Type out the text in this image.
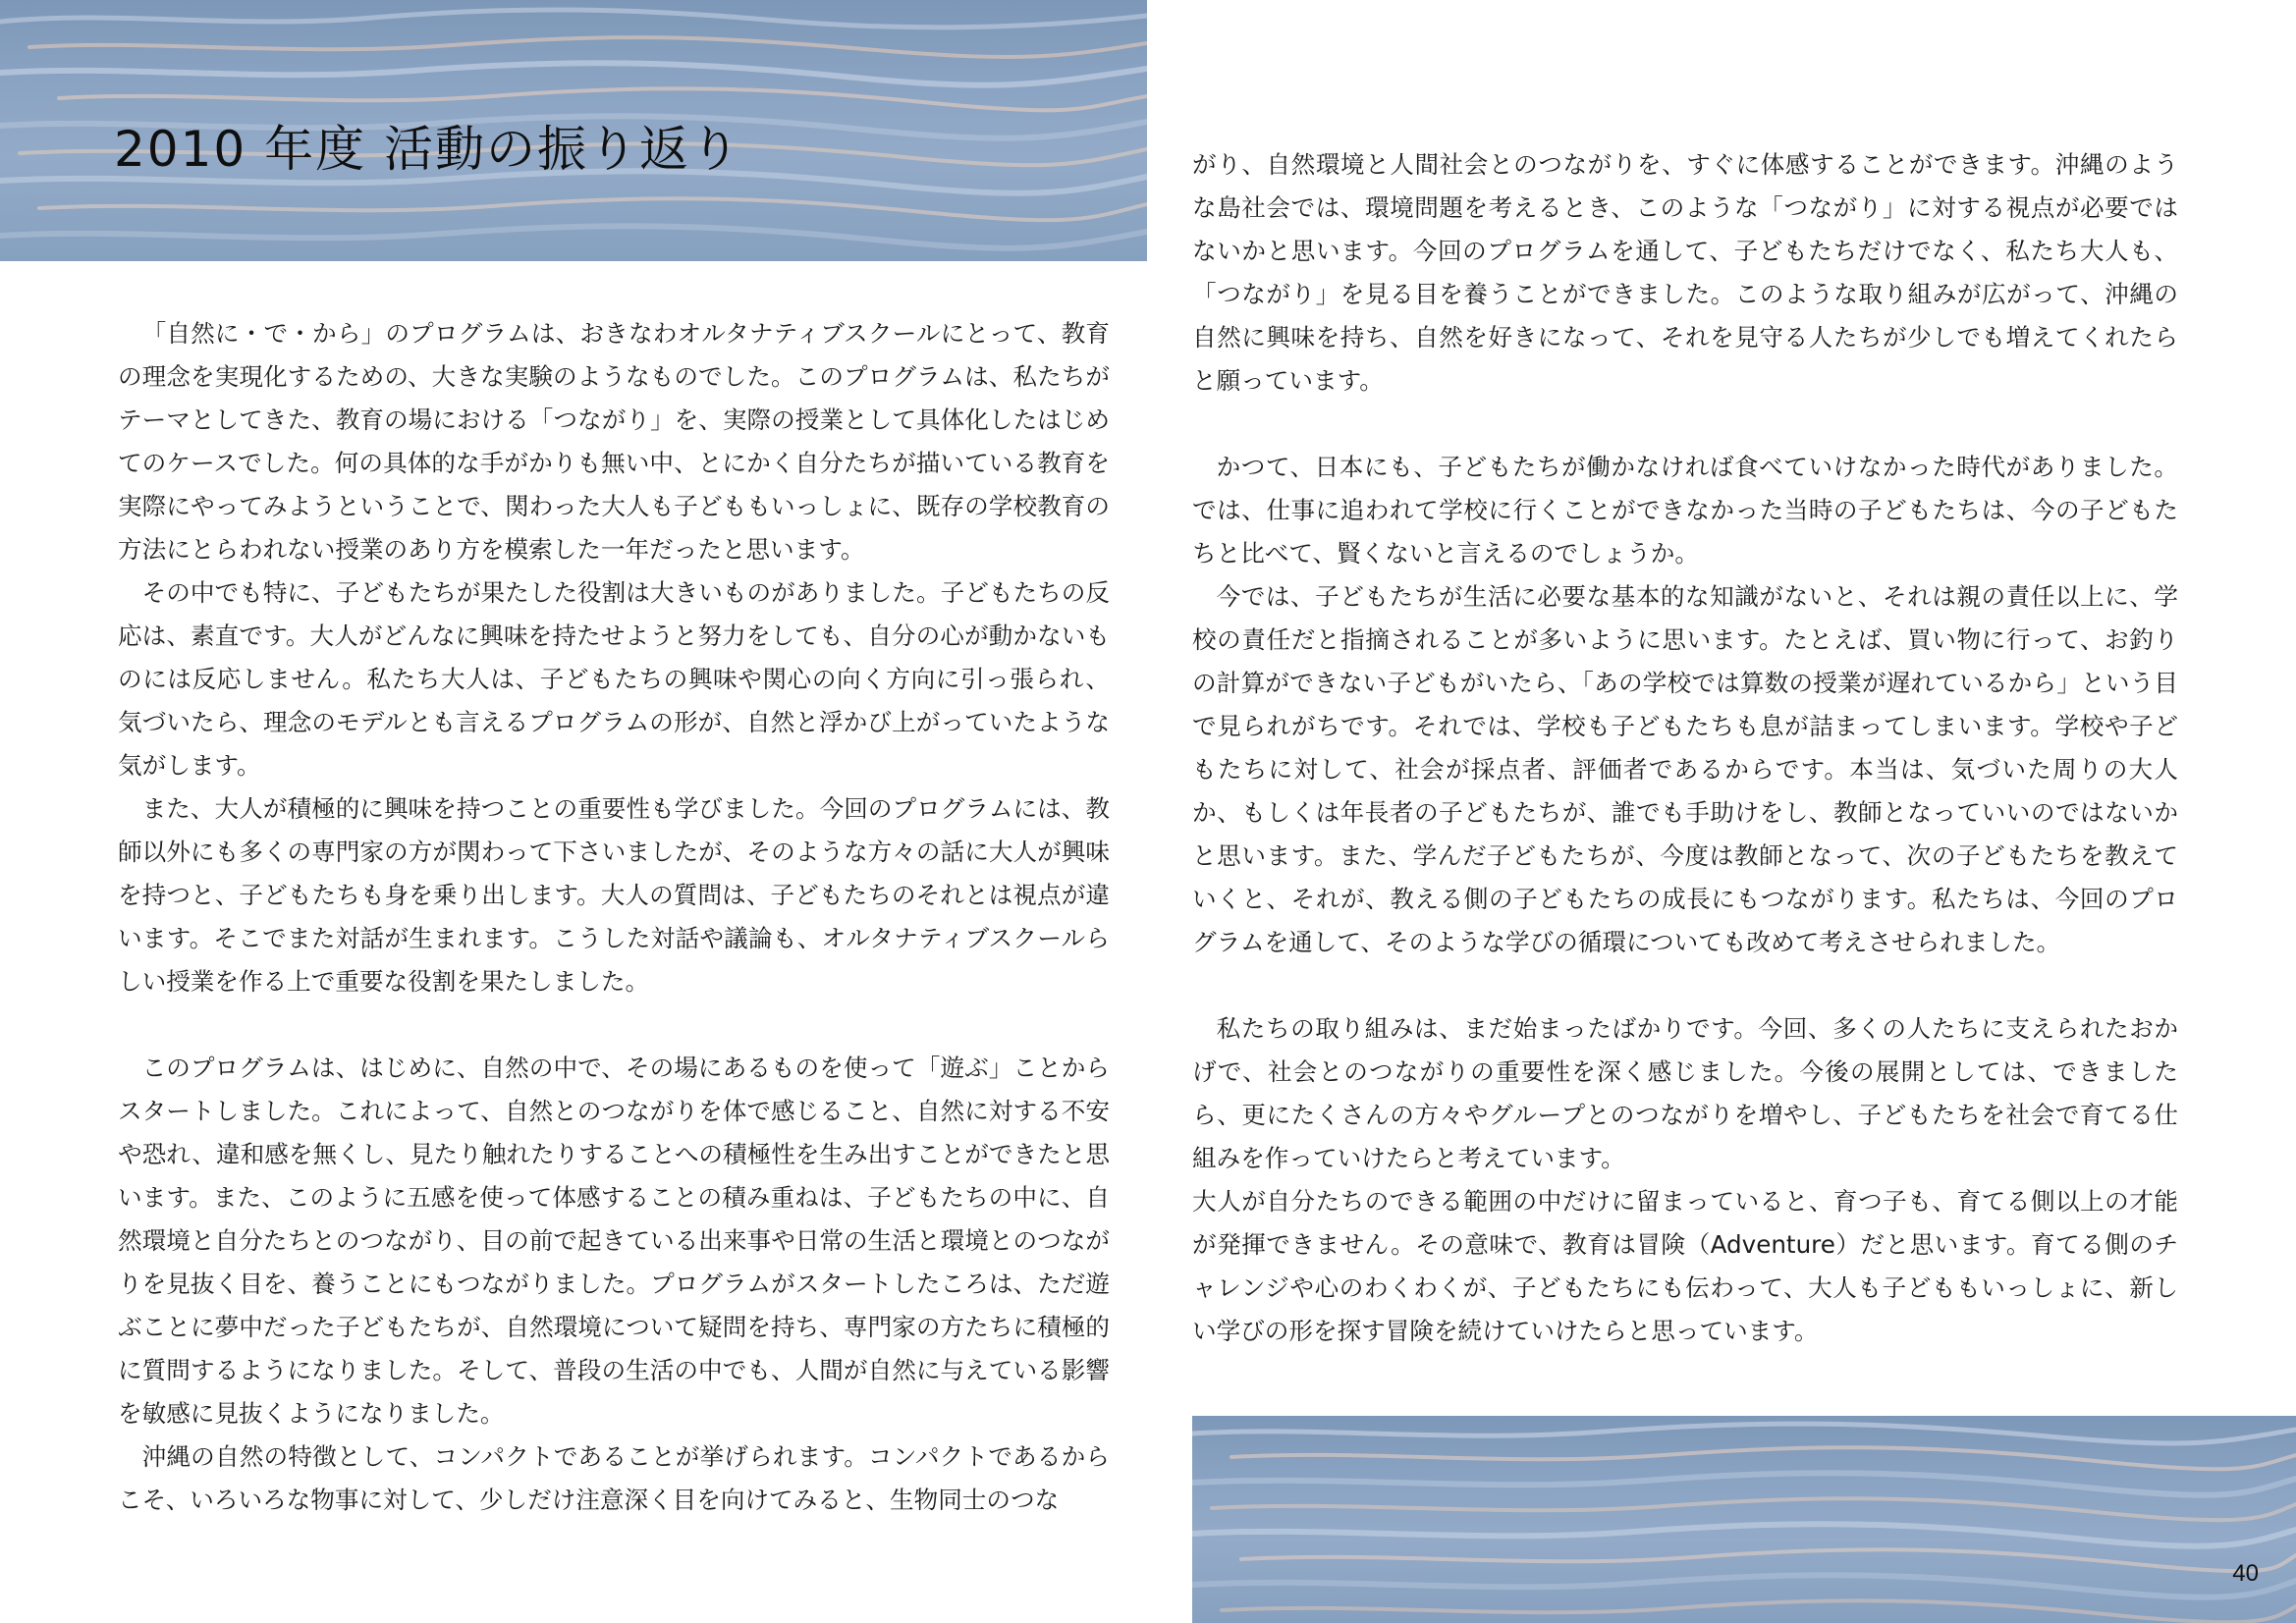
2010 年度 活動の振り返り

「自然に・で・から」のプログラムは、おきなわオルタナティブスクールにとって、教育の理念を実現化するための、大きな実験のようなものでした。このプログラムは、私たちがテーマとしてきた、教育の場における「つながり」を、実際の授業として具体化したはじめてのケースでした。何の具体的な手がかりも無い中、とにかく自分たちが描いている教育を実際にやってみようということで、関わった大人も子どももいっしょに、既存の学校教育の方法にとらわれない授業のあり方を模索した一年だったと思います。

その中でも特に、子どもたちが果たした役割は大きいものがありました。子どもたちの反応は、素直です。大人がどんなに興味を持たせようと努力をしても、自分の心が動かないものには反応しません。私たち大人は、子どもたちの興味や関心の向く方向に引っ張られ、気づいたら、理念のモデルとも言えるプログラムの形が、自然と浮かび上がっていたような気がします。

また、大人が積極的に興味を持つことの重要性も学びました。今回のプログラムには、教師以外にも多くの専門家の方が関わって下さいましたが、そのような方々の話に大人が興味を持つと、子どもたちも身を乗り出します。大人の質問は、子どもたちのそれとは視点が違います。そこでまた対話が生まれます。こうした対話や議論も、オルタナティブスクールらしい授業を作る上で重要な役割を果たしました。

このプログラムは、はじめに、自然の中で、その場にあるものを使って「遊ぶ」ことからスタートしました。これによって、自然とのつながりを体で感じること、自然に対する不安や恐れ、違和感を無くし、見たり触れたりすることへの積極性を生み出すことができたと思います。また、このように五感を使って体感することの積み重ねは、子どもたちの中に、自然環境と自分たちとのつながり、目の前で起きている出来事や日常の生活と環境とのつながりを見抜く目を、養うことにもつながりました。プログラムがスタートしたころは、ただ遊ぶことに夢中だった子どもたちが、自然環境について疑問を持ち、専門家の方たちに積極的に質問するようになりました。そして、普段の生活の中でも、人間が自然に与えている影響を敏感に見抜くようになりました。

沖縄の自然の特徴として、コンパクトであることが挙げられます。コンパクトであるからこそ、いろいろな物事に対して、少しだけ注意深く目を向けてみると、生物同士のつな

がり、自然環境と人間社会とのつながりを、すぐに体感することができます。沖縄のような島社会では、環境問題を考えるとき、このような「つながり」に対する視点が必要ではないかと思います。今回のプログラムを通して、子どもたちだけでなく、私たち大人も、「つながり」を見る目を養うことができました。このような取り組みが広がって、沖縄の自然に興味を持ち、自然を好きになって、それを見守る人たちが少しでも増えてくれたらと願っています。

かつて、日本にも、子どもたちが働かなければ食べていけなかった時代がありました。では、仕事に追われて学校に行くことができなかった当時の子どもたちは、今の子どもたちと比べて、賢くないと言えるのでしょうか。

今では、子どもたちが生活に必要な基本的な知識がないと、それは親の責任以上に、学校の責任だと指摘されることが多いように思います。たとえば、買い物に行って、お釣りの計算ができない子どもがいたら、「あの学校では算数の授業が遅れているから」という目で見られがちです。それでは、学校も子どもたちも息が詰まってしまいます。学校や子どもたちに対して、社会が採点者、評価者であるからです。本当は、気づいた周りの大人か、もしくは年長者の子どもたちが、誰でも手助けをし、教師となっていいのではないかと思います。また、学んだ子どもたちが、今度は教師となって、次の子どもたちを教えていくと、それが、教える側の子どもたちの成長にもつながります。私たちは、今回のプログラムを通して、そのような学びの循環についても改めて考えさせられました。

私たちの取り組みは、まだ始まったばかりです。今回、多くの人たちに支えられたおかげで、社会とのつながりの重要性を深く感じました。今後の展開としては、できましたら、更にたくさんの方々やグループとのつながりを増やし、子どもたちを社会で育てる仕組みを作っていけたらと考えています。

大人が自分たちのできる範囲の中だけに留まっていると、育つ子も、育てる側以上の才能が発揮できません。その意味で、教育は冒険（Adventure）だと思います。育てる側のチャレンジや心のわくわくが、子どもたちにも伝わって、大人も子どももいっしょに、新しい学びの形を探す冒険を続けていけたらと思っています。

40
